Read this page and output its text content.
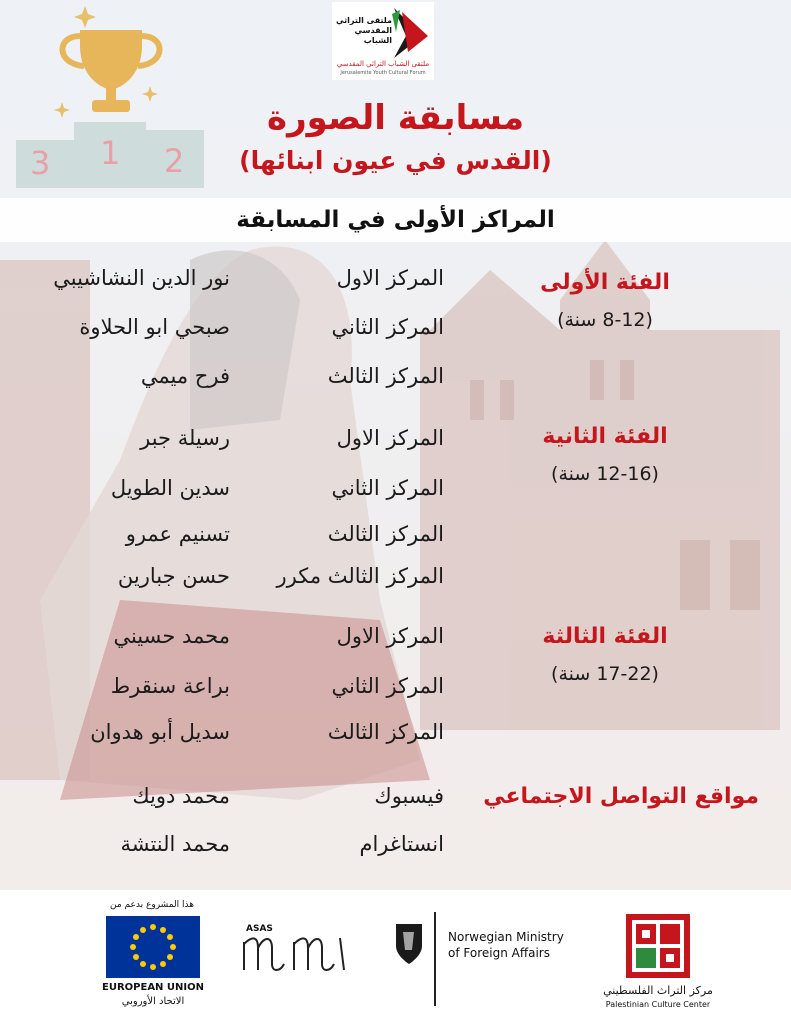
3 1 2
ملتقى التراثي المقدسي الشباب
ملتقى الشباب التراثي المقدسي
Jerusalemite Youth Cultural Forum
مسابقة الصورة
(القدس في عيون ابنائها)
المراكز الأولى في المسابقة
الفئة الأولى
(8-12 سنة)
المركز الاول
نور الدين النشاشيبي
المركز الثاني
صبحي ابو الحلاوة
المركز الثالث
فرح ميمي
الفئة الثانية
(12-16 سنة)
المركز الاول
رسيلة جبر
المركز الثاني
سدين الطويل
المركز الثالث
تسنيم عمرو
المركز الثالث مكرر
حسن جبارين
الفئة الثالثة
(17-22 سنة)
المركز الاول
محمد حسيني
المركز الثاني
براعة سنقرط
المركز الثالث
سديل أبو هدوان
مواقع التواصل الاجتماعي
فيسبوك
محمد دويك
انستاغرام
محمد النتشة
هذا المشروع بدعم من
EUROPEAN UNION
الاتحاد الأوروبي
ASAS
Norwegian Ministry
of Foreign Affairs
مركز التراث الفلسطيني
Palestinian Culture Center
